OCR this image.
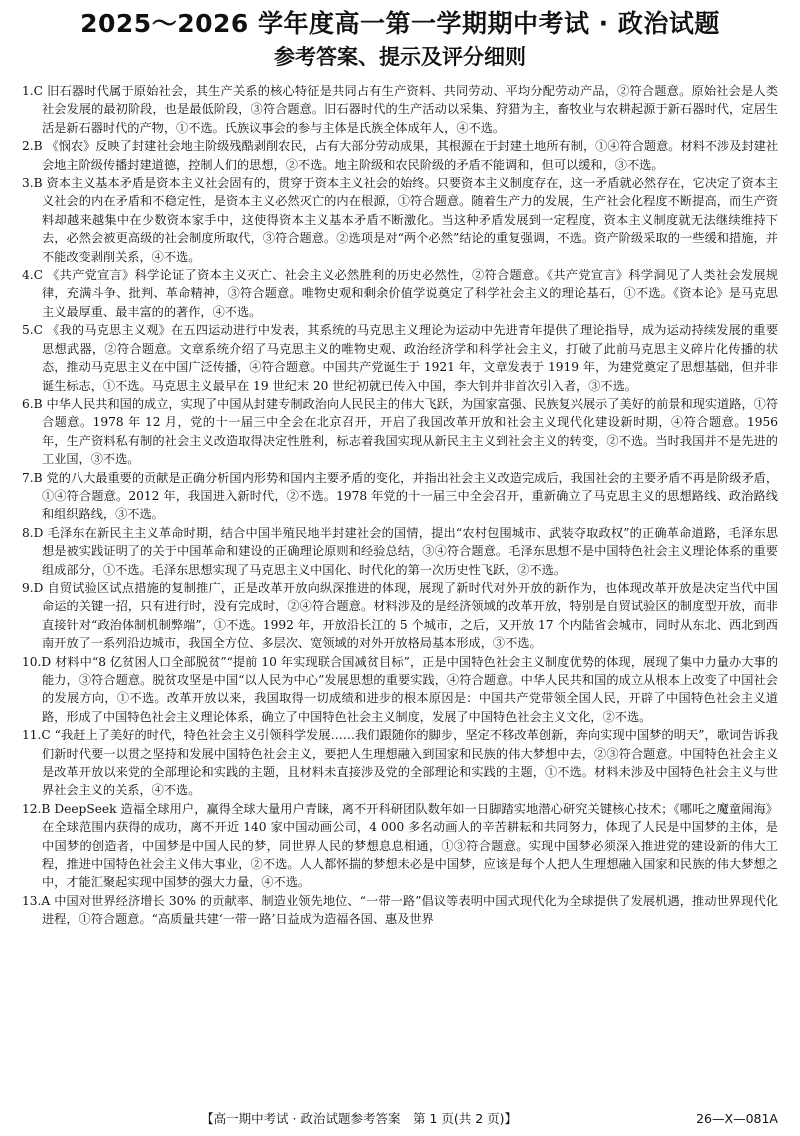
2025～2026 学年度高一第一学期期中考试 · 政治试题
参考答案、提示及评分细则

1.C 旧石器时代属于原始社会，其生产关系的核心特征是共同占有生产资料、共同劳动、平均分配劳动产品，②符合题意。原始社会是人类社会发展的最初阶段，也是最低阶段，③符合题意。旧石器时代的生产活动以采集、狩猎为主，畜牧业与农耕起源于新石器时代，定居生活是新石器时代的产物，①不选。氏族议事会的参与主体是氏族全体成年人，④不选。

2.B 《悯农》反映了封建社会地主阶级残酷剥削农民，占有大部分劳动成果，其根源在于封建土地所有制，①④符合题意。材料不涉及封建社会地主阶级传播封建道德，控制人们的思想，②不选。地主阶级和农民阶级的矛盾不能调和，但可以缓和，③不选。

3.B 资本主义基本矛盾是资本主义社会固有的，贯穿于资本主义社会的始终。只要资本主义制度存在，这一矛盾就必然存在，它决定了资本主义社会的内在矛盾和不稳定性，是资本主义必然灭亡的内在根源，①符合题意。随着生产力的发展，生产社会化程度不断提高，而生产资料却越来越集中在少数资本家手中，这使得资本主义基本矛盾不断激化。当这种矛盾发展到一定程度，资本主义制度就无法继续维持下去，必然会被更高级的社会制度所取代，③符合题意。②选项是对“两个必然”结论的重复强调，不选。资产阶级采取的一些缓和措施，并不能改变剥削关系，④不选。

4.C 《共产党宣言》科学论证了资本主义灭亡、社会主义必然胜利的历史必然性，②符合题意。《共产党宣言》科学洞见了人类社会发展规律，充满斗争、批判、革命精神，③符合题意。唯物史观和剩余价值学说奠定了科学社会主义的理论基石，①不选。《资本论》是马克思主义最厚重、最丰富的的著作，④不选。

5.C 《我的马克思主义观》在五四运动进行中发表，其系统的马克思主义理论为运动中先进青年提供了理论指导，成为运动持续发展的重要思想武器，②符合题意。文章系统介绍了马克思主义的唯物史观、政治经济学和科学社会主义，打破了此前马克思主义碎片化传播的状态，推动马克思主义在中国广泛传播，④符合题意。中国共产党诞生于 1921 年，文章发表于 1919 年，为建党奠定了思想基础，但并非诞生标志，①不选。马克思主义最早在 19 世纪末 20 世纪初就已传入中国，李大钊并非首次引入者，③不选。

6.B 中华人民共和国的成立，实现了中国从封建专制政治向人民民主的伟大飞跃，为国家富强、民族复兴展示了美好的前景和现实道路，①符合题意。1978 年 12 月，党的十一届三中全会在北京召开，开启了我国改革开放和社会主义现代化建设新时期，④符合题意。1956 年，生产资料私有制的社会主义改造取得决定性胜利，标志着我国实现从新民主主义到社会主义的转变，②不选。当时我国并不是先进的工业国，③不选。

7.B 党的八大最重要的贡献是正确分析国内形势和国内主要矛盾的变化，并指出社会主义改造完成后，我国社会的主要矛盾不再是阶级矛盾，①④符合题意。2012 年，我国进入新时代，②不选。1978 年党的十一届三中全会召开，重新确立了马克思主义的思想路线、政治路线和组织路线，③不选。

8.D 毛泽东在新民主主义革命时期，结合中国半殖民地半封建社会的国情，提出“农村包围城市、武装夺取政权”的正确革命道路，毛泽东思想是被实践证明了的关于中国革命和建设的正确理论原则和经验总结，③④符合题意。毛泽东思想不是中国特色社会主义理论体系的重要组成部分，①不选。毛泽东思想实现了马克思主义中国化、时代化的第一次历史性飞跃，②不选。

9.D 自贸试验区试点措施的复制推广，正是改革开放向纵深推进的体现，展现了新时代对外开放的新作为，也体现改革开放是决定当代中国命运的关键一招，只有进行时，没有完成时，②④符合题意。材料涉及的是经济领域的改革开放，特别是自贸试验区的制度型开放，而非直接针对“政治体制机制弊端”，①不选。1992 年，开放沿长江的 5 个城市，之后，又开放 17 个内陆省会城市，同时从东北、西北到西南开放了一系列沿边城市，我国全方位、多层次、宽领域的对外开放格局基本形成，③不选。

10.D 材料中“8 亿贫困人口全部脱贫”“提前 10 年实现联合国减贫目标”，正是中国特色社会主义制度优势的体现，展现了集中力量办大事的能力，③符合题意。脱贫攻坚是中国“以人民为中心”发展思想的重要实践，④符合题意。中华人民共和国的成立从根本上改变了中国社会的发展方向，①不选。改革开放以来，我国取得一切成绩和进步的根本原因是：中国共产党带领全国人民，开辟了中国特色社会主义道路，形成了中国特色社会主义理论体系，确立了中国特色社会主义制度，发展了中国特色社会主义文化，②不选。

11.C “我赶上了美好的时代，特色社会主义引领科学发展……我们跟随你的脚步，坚定不移改革创新，奔向实现中国梦的明天”，歌词告诉我们新时代要一以贯之坚持和发展中国特色社会主义，要把人生理想融入到国家和民族的伟大梦想中去，②③符合题意。中国特色社会主义是改革开放以来党的全部理论和实践的主题，且材料未直接涉及党的全部理论和实践的主题，①不选。材料未涉及中国特色社会主义与世界社会主义的关系，④不选。

12.B DeepSeek 造福全球用户，赢得全球大量用户青睐，离不开科研团队数年如一日脚踏实地潜心研究关键核心技术；《哪吒之魔童闹海》在全球范围内获得的成功，离不开近 140 家中国动画公司，4 000 多名动画人的辛苦耕耘和共同努力，体现了人民是中国梦的主体，是中国梦的创造者，中国梦是中国人民的梦，同世界人民的梦想息息相通，①③符合题意。实现中国梦必须深入推进党的建设新的伟大工程，推进中国特色社会主义伟大事业，②不选。人人都怀揣的梦想未必是中国梦，应该是每个人把人生理想融入国家和民族的伟大梦想之中，才能汇聚起实现中国梦的强大力量，④不选。

13.A 中国对世界经济增长 30% 的贡献率、制造业领先地位、“一带一路”倡议等表明中国式现代化为全球提供了发展机遇，推动世界现代化进程，①符合题意。“高质量共建‘一带一路’日益成为造福各国、惠及世界

【高一期中考试 · 政治试题参考答案　第 1 页(共 2 页)】	26—X—081A
